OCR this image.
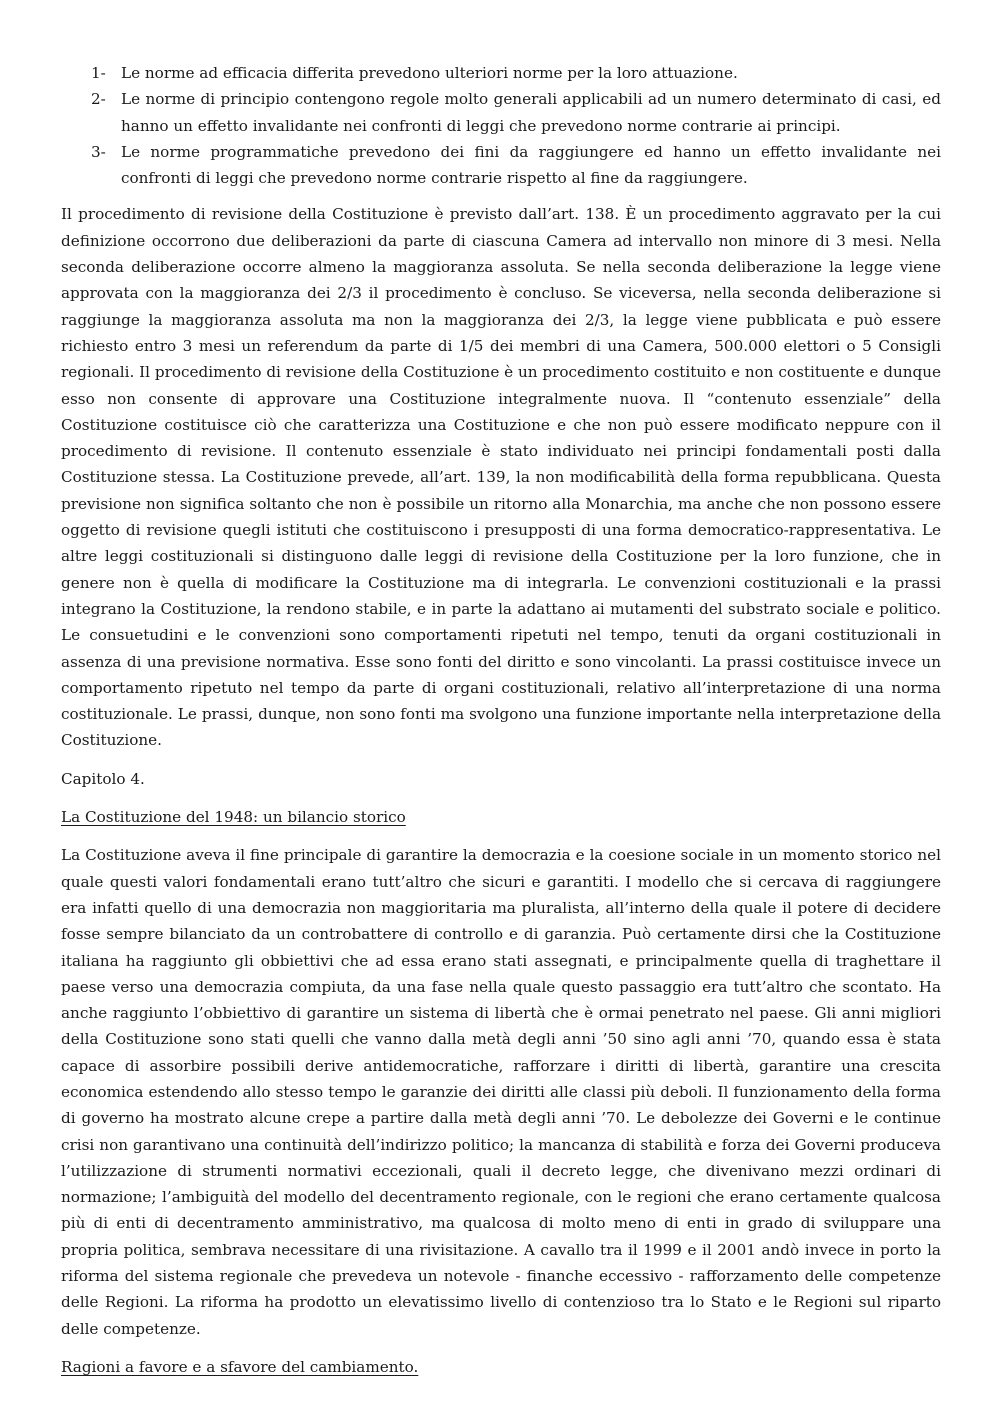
1- Le norme ad efficacia differita prevedono ulteriori norme per la loro attuazione.
2- Le norme di principio contengono regole molto generali applicabili ad un numero determinato di casi, ed hanno un effetto invalidante nei confronti di leggi che prevedono norme contrarie ai principi.
3- Le norme programmatiche prevedono dei fini da raggiungere ed hanno un effetto invalidante nei confronti di leggi che prevedono norme contrarie rispetto al fine da raggiungere.

Il procedimento di revisione della Costituzione è previsto dall’art. 138. È un procedimento aggravato per la cui definizione occorrono due deliberazioni da parte di ciascuna Camera ad intervallo non minore di 3 mesi. Nella seconda deliberazione occorre almeno la maggioranza assoluta. Se nella seconda deliberazione la legge viene approvata con la maggioranza dei 2/3 il procedimento è concluso. Se viceversa, nella seconda deliberazione si raggiunge la maggioranza assoluta ma non la maggioranza dei 2/3, la legge viene pubblicata e può essere richiesto entro 3 mesi un referendum da parte di 1/5 dei membri di una Camera, 500.000 elettori o 5 Consigli regionali. Il procedimento di revisione della Costituzione è un procedimento costituito e non costituente e dunque esso non consente di approvare una Costituzione integralmente nuova. Il “contenuto essenziale” della Costituzione costituisce ciò che caratterizza una Costituzione e che non può essere modificato neppure con il procedimento di revisione. Il contenuto essenziale è stato individuato nei principi fondamentali posti dalla Costituzione stessa. La Costituzione prevede, all’art. 139, la non modificabilità della forma repubblicana. Questa previsione non significa soltanto che non è possibile un ritorno alla Monarchia, ma anche che non possono essere oggetto di revisione quegli istituti che costituiscono i presupposti di una forma democratico-rappresentativa. Le altre leggi costituzionali si distinguono dalle leggi di revisione della Costituzione per la loro funzione, che in genere non è quella di modificare la Costituzione ma di integrarla. Le convenzioni costituzionali e la prassi integrano la Costituzione, la rendono stabile, e in parte la adattano ai mutamenti del substrato sociale e politico. Le consuetudini e le convenzioni sono comportamenti ripetuti nel tempo, tenuti da organi costituzionali in assenza di una previsione normativa. Esse sono fonti del diritto e sono vincolanti. La prassi costituisce invece un comportamento ripetuto nel tempo da parte di organi costituzionali, relativo all’interpretazione di una norma costituzionale. Le prassi, dunque, non sono fonti ma svolgono una funzione importante nella interpretazione della Costituzione.

Capitolo 4.

La Costituzione del 1948: un bilancio storico

La Costituzione aveva il fine principale di garantire la democrazia e la coesione sociale in un momento storico nel quale questi valori fondamentali erano tutt’altro che sicuri e garantiti. I modello che si cercava di raggiungere era infatti quello di una democrazia non maggioritaria ma pluralista, all’interno della quale il potere di decidere fosse sempre bilanciato da un controbattere di controllo e di garanzia. Può certamente dirsi che la Costituzione italiana ha raggiunto gli obbiettivi che ad essa erano stati assegnati, e principalmente quella di traghettare il paese verso una democrazia compiuta, da una fase nella quale questo passaggio era tutt’altro che scontato. Ha anche raggiunto l’obbiettivo di garantire un sistema di libertà che è ormai penetrato nel paese. Gli anni migliori della Costituzione sono stati quelli che vanno dalla metà degli anni ’50 sino agli anni ’70, quando essa è stata capace di assorbire possibili derive antidemocratiche, rafforzare i diritti di libertà, garantire una crescita economica estendendo allo stesso tempo le garanzie dei diritti alle classi più deboli. Il funzionamento della forma di governo ha mostrato alcune crepe a partire dalla metà degli anni ’70. Le debolezze dei Governi e le continue crisi non garantivano una continuità dell’indirizzo politico; la mancanza di stabilità e forza dei Governi produceva l’utilizzazione di strumenti normativi eccezionali, quali il decreto legge, che divenivano mezzi ordinari di normazione; l’ambiguità del modello del decentramento regionale, con le regioni che erano certamente qualcosa più di enti di decentramento amministrativo, ma qualcosa di molto meno di enti in grado di sviluppare una propria politica, sembrava necessitare di una rivisitazione. A cavallo tra il 1999 e il 2001 andò invece in porto la riforma del sistema regionale che prevedeva un notevole - finanche eccessivo - rafforzamento delle competenze delle Regioni. La riforma ha prodotto un elevatissimo livello di contenzioso tra lo Stato e le Regioni sul riparto delle competenze.

Ragioni a favore e a sfavore del cambiamento.
